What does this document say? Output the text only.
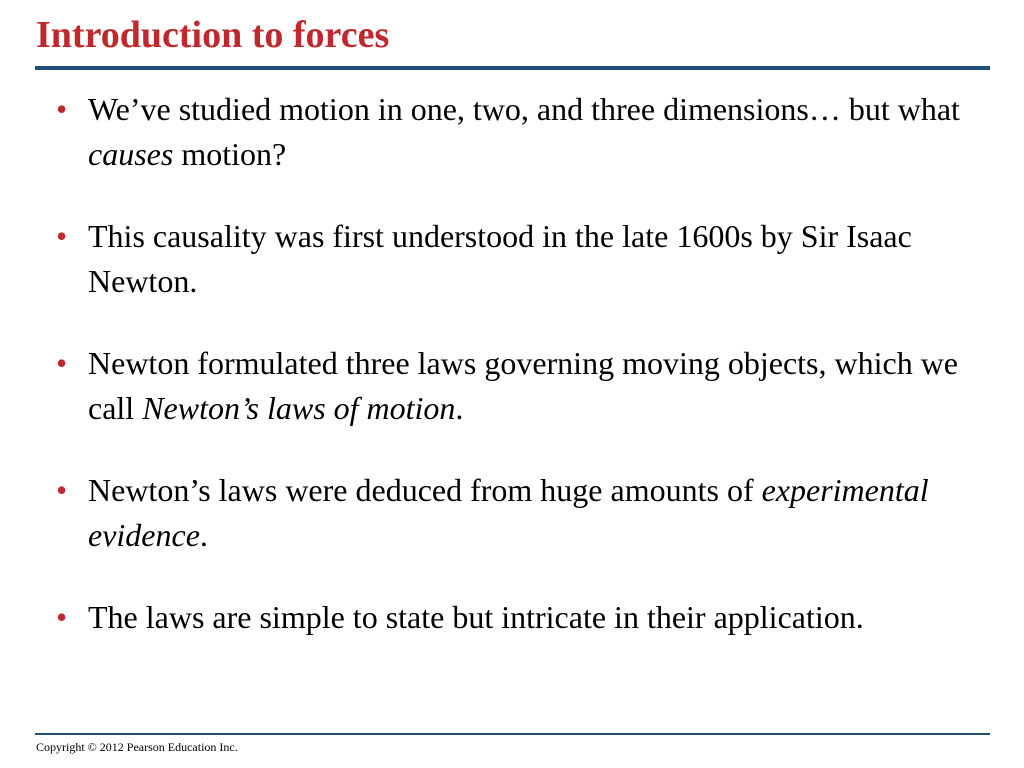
Introduction to forces
• We’ve studied motion in one, two, and three dimensions… but what causes motion?
• This causality was first understood in the late 1600s by Sir Isaac Newton.
• Newton formulated three laws governing moving objects, which we call Newton’s laws of motion.
• Newton’s laws were deduced from huge amounts of experimental evidence.
• The laws are simple to state but intricate in their application.
Copyright © 2012 Pearson Education Inc.
